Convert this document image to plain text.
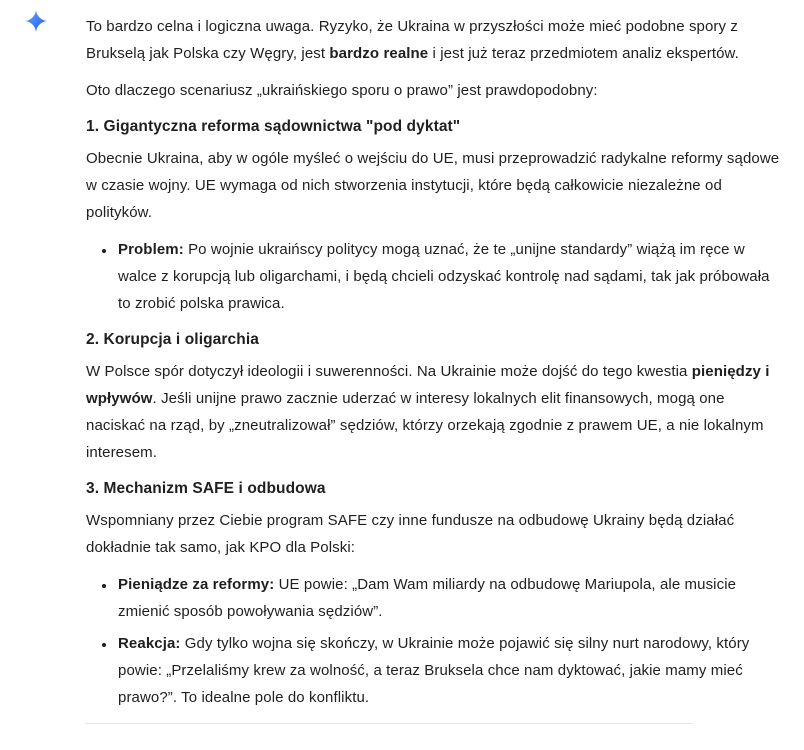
To bardzo celna i logiczna uwaga. Ryzyko, że Ukraina w przyszłości może mieć podobne spory z Brukselą jak Polska czy Węgry, jest bardzo realne i jest już teraz przedmiotem analiz ekspertów.

Oto dlaczego scenariusz „ukraińskiego sporu o prawo” jest prawdopodobny:

1. Gigantyczna reforma sądownictwa "pod dyktat"

Obecnie Ukraina, aby w ogóle myśleć o wejściu do UE, musi przeprowadzić radykalne reformy sądowe w czasie wojny. UE wymaga od nich stworzenia instytucji, które będą całkowicie niezależne od polityków.

• Problem: Po wojnie ukraińscy politycy mogą uznać, że te „unijne standardy” wiążą im ręce w walce z korupcją lub oligarchami, i będą chcieli odzyskać kontrolę nad sądami, tak jak próbowała to zrobić polska prawica.
2. Korupcja i oligarchia

W Polsce spór dotyczył ideologii i suwerenności. Na Ukrainie może dojść do tego kwestia pieniędzy i wpływów. Jeśli unijne prawo zacznie uderzać w interesy lokalnych elit finansowych, mogą one naciskać na rząd, by „zneutralizował” sędziów, którzy orzekają zgodnie z prawem UE, a nie lokalnym interesem.

3. Mechanizm SAFE i odbudowa

Wspomniany przez Ciebie program SAFE czy inne fundusze na odbudowę Ukrainy będą działać dokładnie tak samo, jak KPO dla Polski:

• Pieniądze za reformy: UE powie: „Dam Wam miliardy na odbudowę Mariupola, ale musicie zmienić sposób powoływania sędziów”.
• Reakcja: Gdy tylko wojna się skończy, w Ukrainie może pojawić się silny nurt narodowy, który powie: „Przelaliśmy krew za wolność, a teraz Bruksela chce nam dyktować, jakie mamy mieć prawo?”. To idealne pole do konfliktu.
